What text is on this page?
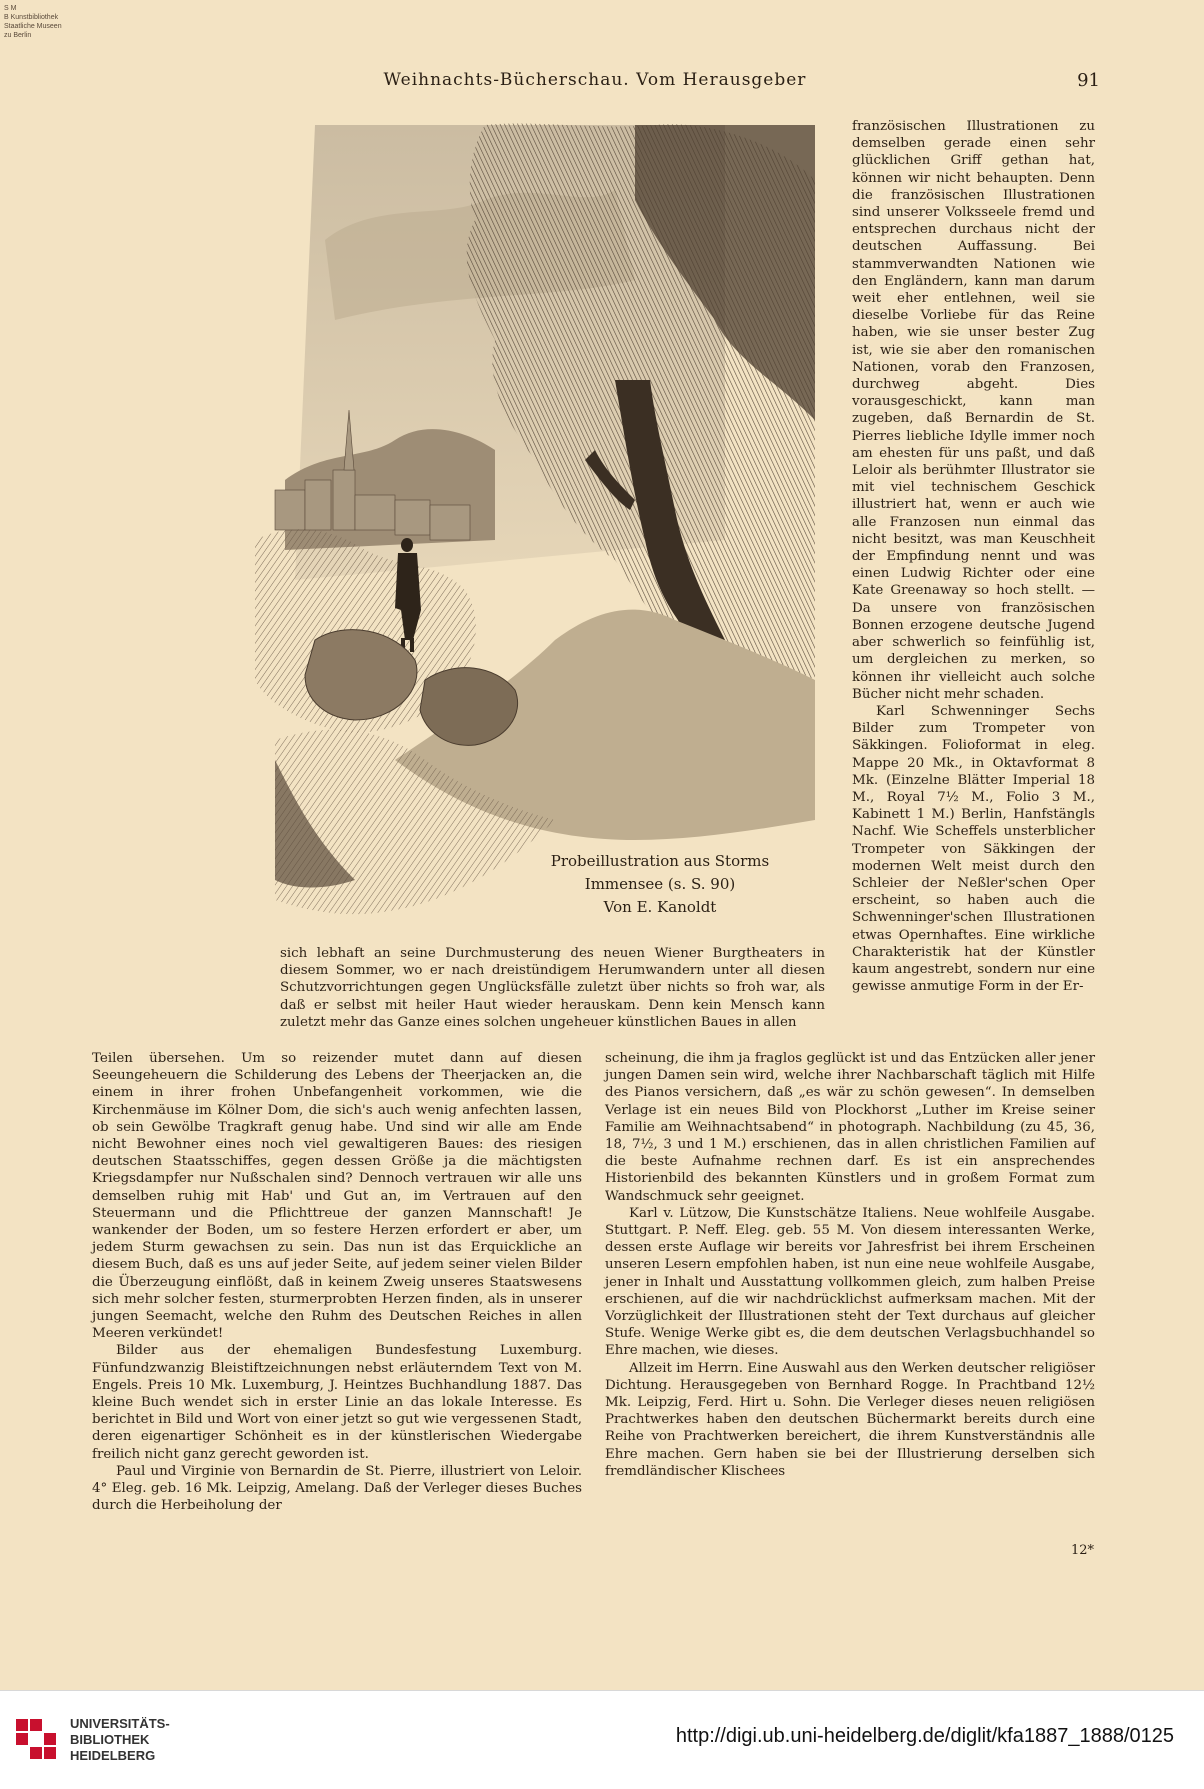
S M
B Kunstbibliothek
Staatliche Museen
zu Berlin
Weihnachts-Bücherschau. Vom Herausgeber	91
Probeillustration aus Storms
Immensee (s. S. 90)
Von E. Kanoldt

französischen Illustrationen zu demselben gerade einen sehr glücklichen Griff gethan hat, können wir nicht behaupten. Denn die französischen Illustrationen sind unserer Volksseele fremd und entsprechen durchaus nicht der deutschen Auffassung. Bei stammverwandten Nationen wie den Engländern, kann man darum weit eher entlehnen, weil sie dieselbe Vorliebe für das Reine haben, wie sie unser bester Zug ist, wie sie aber den romanischen Nationen, vorab den Franzosen, durchweg abgeht. Dies vorausgeschickt, kann man zugeben, daß Bernardin de St. Pierres liebliche Idylle immer noch am ehesten für uns paßt, und daß Leloir als berühmter Illustrator sie mit viel technischem Geschick illustriert hat, wenn er auch wie alle Franzosen nun einmal das nicht besitzt, was man Keuschheit der Empfindung nennt und was einen Ludwig Richter oder eine Kate Greenaway so hoch stellt. — Da unsere von französischen Bonnen erzogene deutsche Jugend aber schwerlich so feinfühlig ist, um dergleichen zu merken, so können ihr vielleicht auch solche Bücher nicht mehr schaden.

Karl Schwenninger Sechs Bilder zum Trompeter von Säkkingen. Folioformat in eleg. Mappe 20 Mk., in Oktavformat 8 Mk. (Einzelne Blätter Imperial 18 M., Royal 7½ M., Folio 3 M., Kabinett 1 M.) Berlin, Hanfstängls Nachf. Wie Scheffels unsterblicher Trompeter von Säkkingen der modernen Welt meist durch den Schleier der Neßler'schen Oper erscheint, so haben auch die Schwenninger'schen Illustrationen etwas Opernhaftes. Eine wirkliche Charakteristik hat der Künstler kaum angestrebt, sondern nur eine gewisse anmutige Form in der Er-

sich lebhaft an seine Durchmusterung des neuen Wiener Burgtheaters in diesem Sommer, wo er nach dreistündigem Herumwandern unter all diesen Schutzvorrichtungen gegen Unglücksfälle zuletzt über nichts so froh war, als daß er selbst mit heiler Haut wieder herauskam. Denn kein Mensch kann zuletzt mehr das Ganze eines solchen ungeheuer künstlichen Baues in allen

Teilen übersehen. Um so reizender mutet dann auf diesen Seeungeheuern die Schilderung des Lebens der Theerjacken an, die einem in ihrer frohen Unbefangenheit vorkommen, wie die Kirchenmäuse im Kölner Dom, die sich's auch wenig anfechten lassen, ob sein Gewölbe Tragkraft genug habe. Und sind wir alle am Ende nicht Bewohner eines noch viel gewaltigeren Baues: des riesigen deutschen Staatsschiffes, gegen dessen Größe ja die mächtigsten Kriegsdampfer nur Nußschalen sind? Dennoch vertrauen wir alle uns demselben ruhig mit Hab' und Gut an, im Vertrauen auf den Steuermann und die Pflichttreue der ganzen Mannschaft! Je wankender der Boden, um so festere Herzen erfordert er aber, um jedem Sturm gewachsen zu sein. Das nun ist das Erquickliche an diesem Buch, daß es uns auf jeder Seite, auf jedem seiner vielen Bilder die Überzeugung einflößt, daß in keinem Zweig unseres Staatswesens sich mehr solcher festen, sturmerprobten Herzen finden, als in unserer jungen Seemacht, welche den Ruhm des Deutschen Reiches in allen Meeren verkündet!

Bilder aus der ehemaligen Bundesfestung Luxemburg. Fünfundzwanzig Bleistiftzeichnungen nebst erläuterndem Text von M. Engels. Preis 10 Mk. Luxemburg, J. Heintzes Buchhandlung 1887. Das kleine Buch wendet sich in erster Linie an das lokale Interesse. Es berichtet in Bild und Wort von einer jetzt so gut wie vergessenen Stadt, deren eigenartiger Schönheit es in der künstlerischen Wiedergabe freilich nicht ganz gerecht geworden ist.

Paul und Virginie von Bernardin de St. Pierre, illustriert von Leloir. 4° Eleg. geb. 16 Mk. Leipzig, Amelang. Daß der Verleger dieses Buches durch die Herbeiholung der

scheinung, die ihm ja fraglos geglückt ist und das Entzücken aller jener jungen Damen sein wird, welche ihrer Nachbarschaft täglich mit Hilfe des Pianos versichern, daß „es wär zu schön gewesen“. In demselben Verlage ist ein neues Bild von Plockhorst „Luther im Kreise seiner Familie am Weihnachtsabend“ in photograph. Nachbildung (zu 45, 36, 18, 7½, 3 und 1 M.) erschienen, das in allen christlichen Familien auf die beste Aufnahme rechnen darf. Es ist ein ansprechendes Historienbild des bekannten Künstlers und in großem Format zum Wandschmuck sehr geeignet.

Karl v. Lützow, Die Kunstschätze Italiens. Neue wohlfeile Ausgabe. Stuttgart. P. Neff. Eleg. geb. 55 M. Von diesem interessanten Werke, dessen erste Auflage wir bereits vor Jahresfrist bei ihrem Erscheinen unseren Lesern empfohlen haben, ist nun eine neue wohlfeile Ausgabe, jener in Inhalt und Ausstattung vollkommen gleich, zum halben Preise erschienen, auf die wir nachdrücklichst aufmerksam machen. Mit der Vorzüglichkeit der Illustrationen steht der Text durchaus auf gleicher Stufe. Wenige Werke gibt es, die dem deutschen Verlagsbuchhandel so Ehre machen, wie dieses.

Allzeit im Herrn. Eine Auswahl aus den Werken deutscher religiöser Dichtung. Herausgegeben von Bernhard Rogge. In Prachtband 12½ Mk. Leipzig, Ferd. Hirt u. Sohn. Die Verleger dieses neuen religiösen Prachtwerkes haben den deutschen Büchermarkt bereits durch eine Reihe von Prachtwerken bereichert, die ihrem Kunstverständnis alle Ehre machen. Gern haben sie bei der Illustrierung derselben sich fremdländischer Klischees

12*
UNIVERSITÄTS-
BIBLIOTHEK
HEIDELBERG
http://digi.ub.uni-heidelberg.de/diglit/kfa1887_1888/0125
